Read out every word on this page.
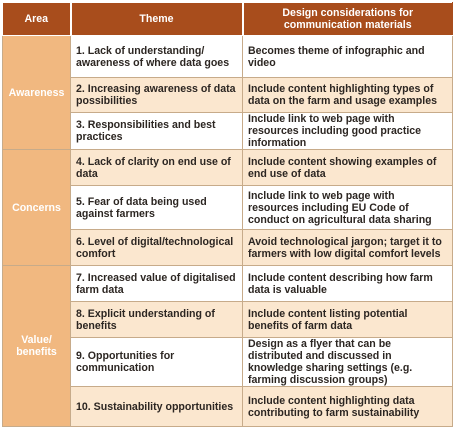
Area	Theme	Design considerations for communication materials
Awareness	1. Lack of understanding/ awareness of where data goes	Becomes theme of infographic and video
	2. Increasing awareness of data possibilities	Include content highlighting types of data on the farm and usage examples
	3. Responsibilities and best practices	Include link to web page with resources including good practice information
Concerns	4. Lack of clarity on end use of data	Include content showing examples of end use of data
	5. Fear of data being used against farmers	Include link to web page with resources including EU Code of conduct on agricultural data sharing
	6. Level of digital/technological comfort	Avoid technological jargon; target it to farmers with low digital comfort levels
Value/ benefits	7. Increased value of digitalised farm data	Include content describing how farm data is valuable
	8. Explicit understanding of benefits	Include content listing potential benefits of farm data
	9. Opportunities for communication	Design as a flyer that can be distributed and discussed in knowledge sharing settings (e.g. farming discussion groups)
	10. Sustainability opportunities	Include content highlighting data contributing to farm sustainability
